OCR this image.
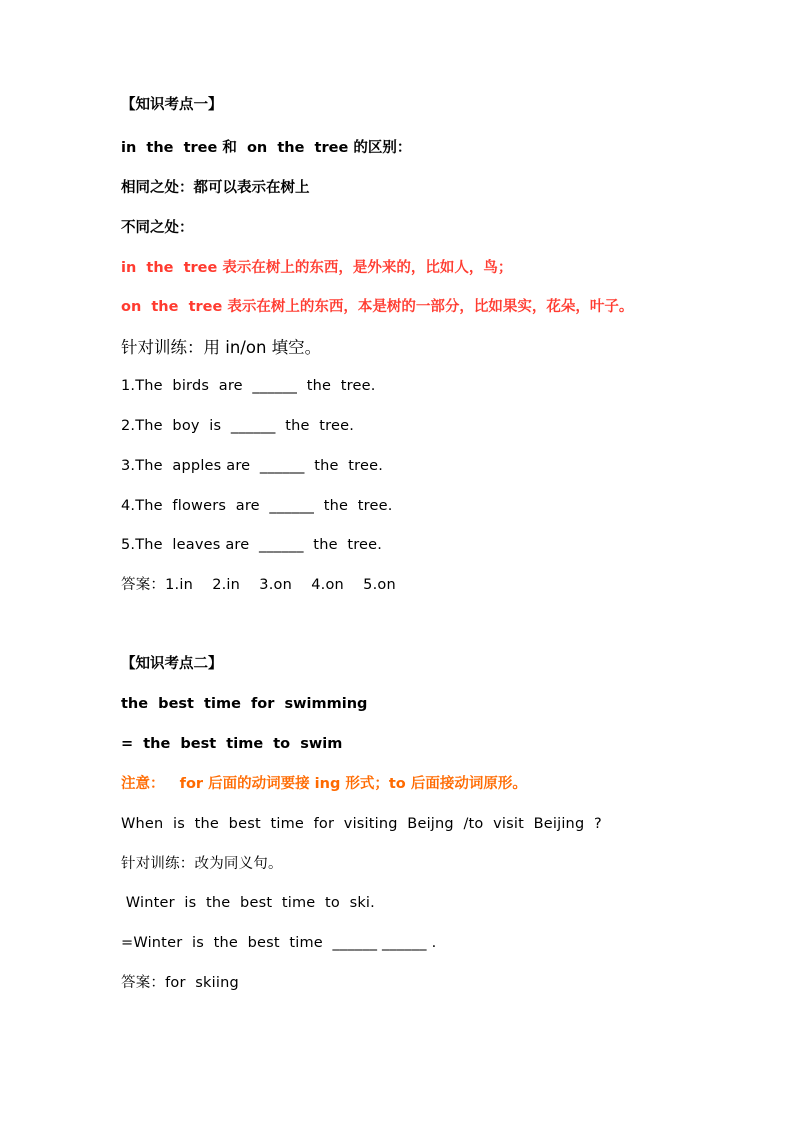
【知识考点一】
in  the  tree 和  on  the  tree 的区别：
相同之处：都可以表示在树上
不同之处：
in  the  tree 表示在树上的东西，是外来的，比如人，鸟；
on  the  tree 表示在树上的东西，本是树的一部分，比如果实，花朵，叶子。
针对训练：用 in/on 填空。
1.The  birds  are  ______  the  tree.
2.The  boy  is  ______  the  tree.
3.The  apples are  ______  the  tree.
4.The  flowers  are  ______  the  tree.
5.The  leaves are  ______  the  tree.
答案：1.in    2.in    3.on    4.on    5.on
【知识考点二】
the  best  time  for  swimming
=  the  best  time  to  swim
注意：   for 后面的动词要接 ing 形式；to 后面接动词原形。
When  is  the  best  time  for  visiting  Beijng  /to  visit  Beijing  ?
针对训练：改为同义句。
Winter  is  the  best  time  to  ski.
=Winter  is  the  best  time  ______ ______ .
答案：for  skiing
